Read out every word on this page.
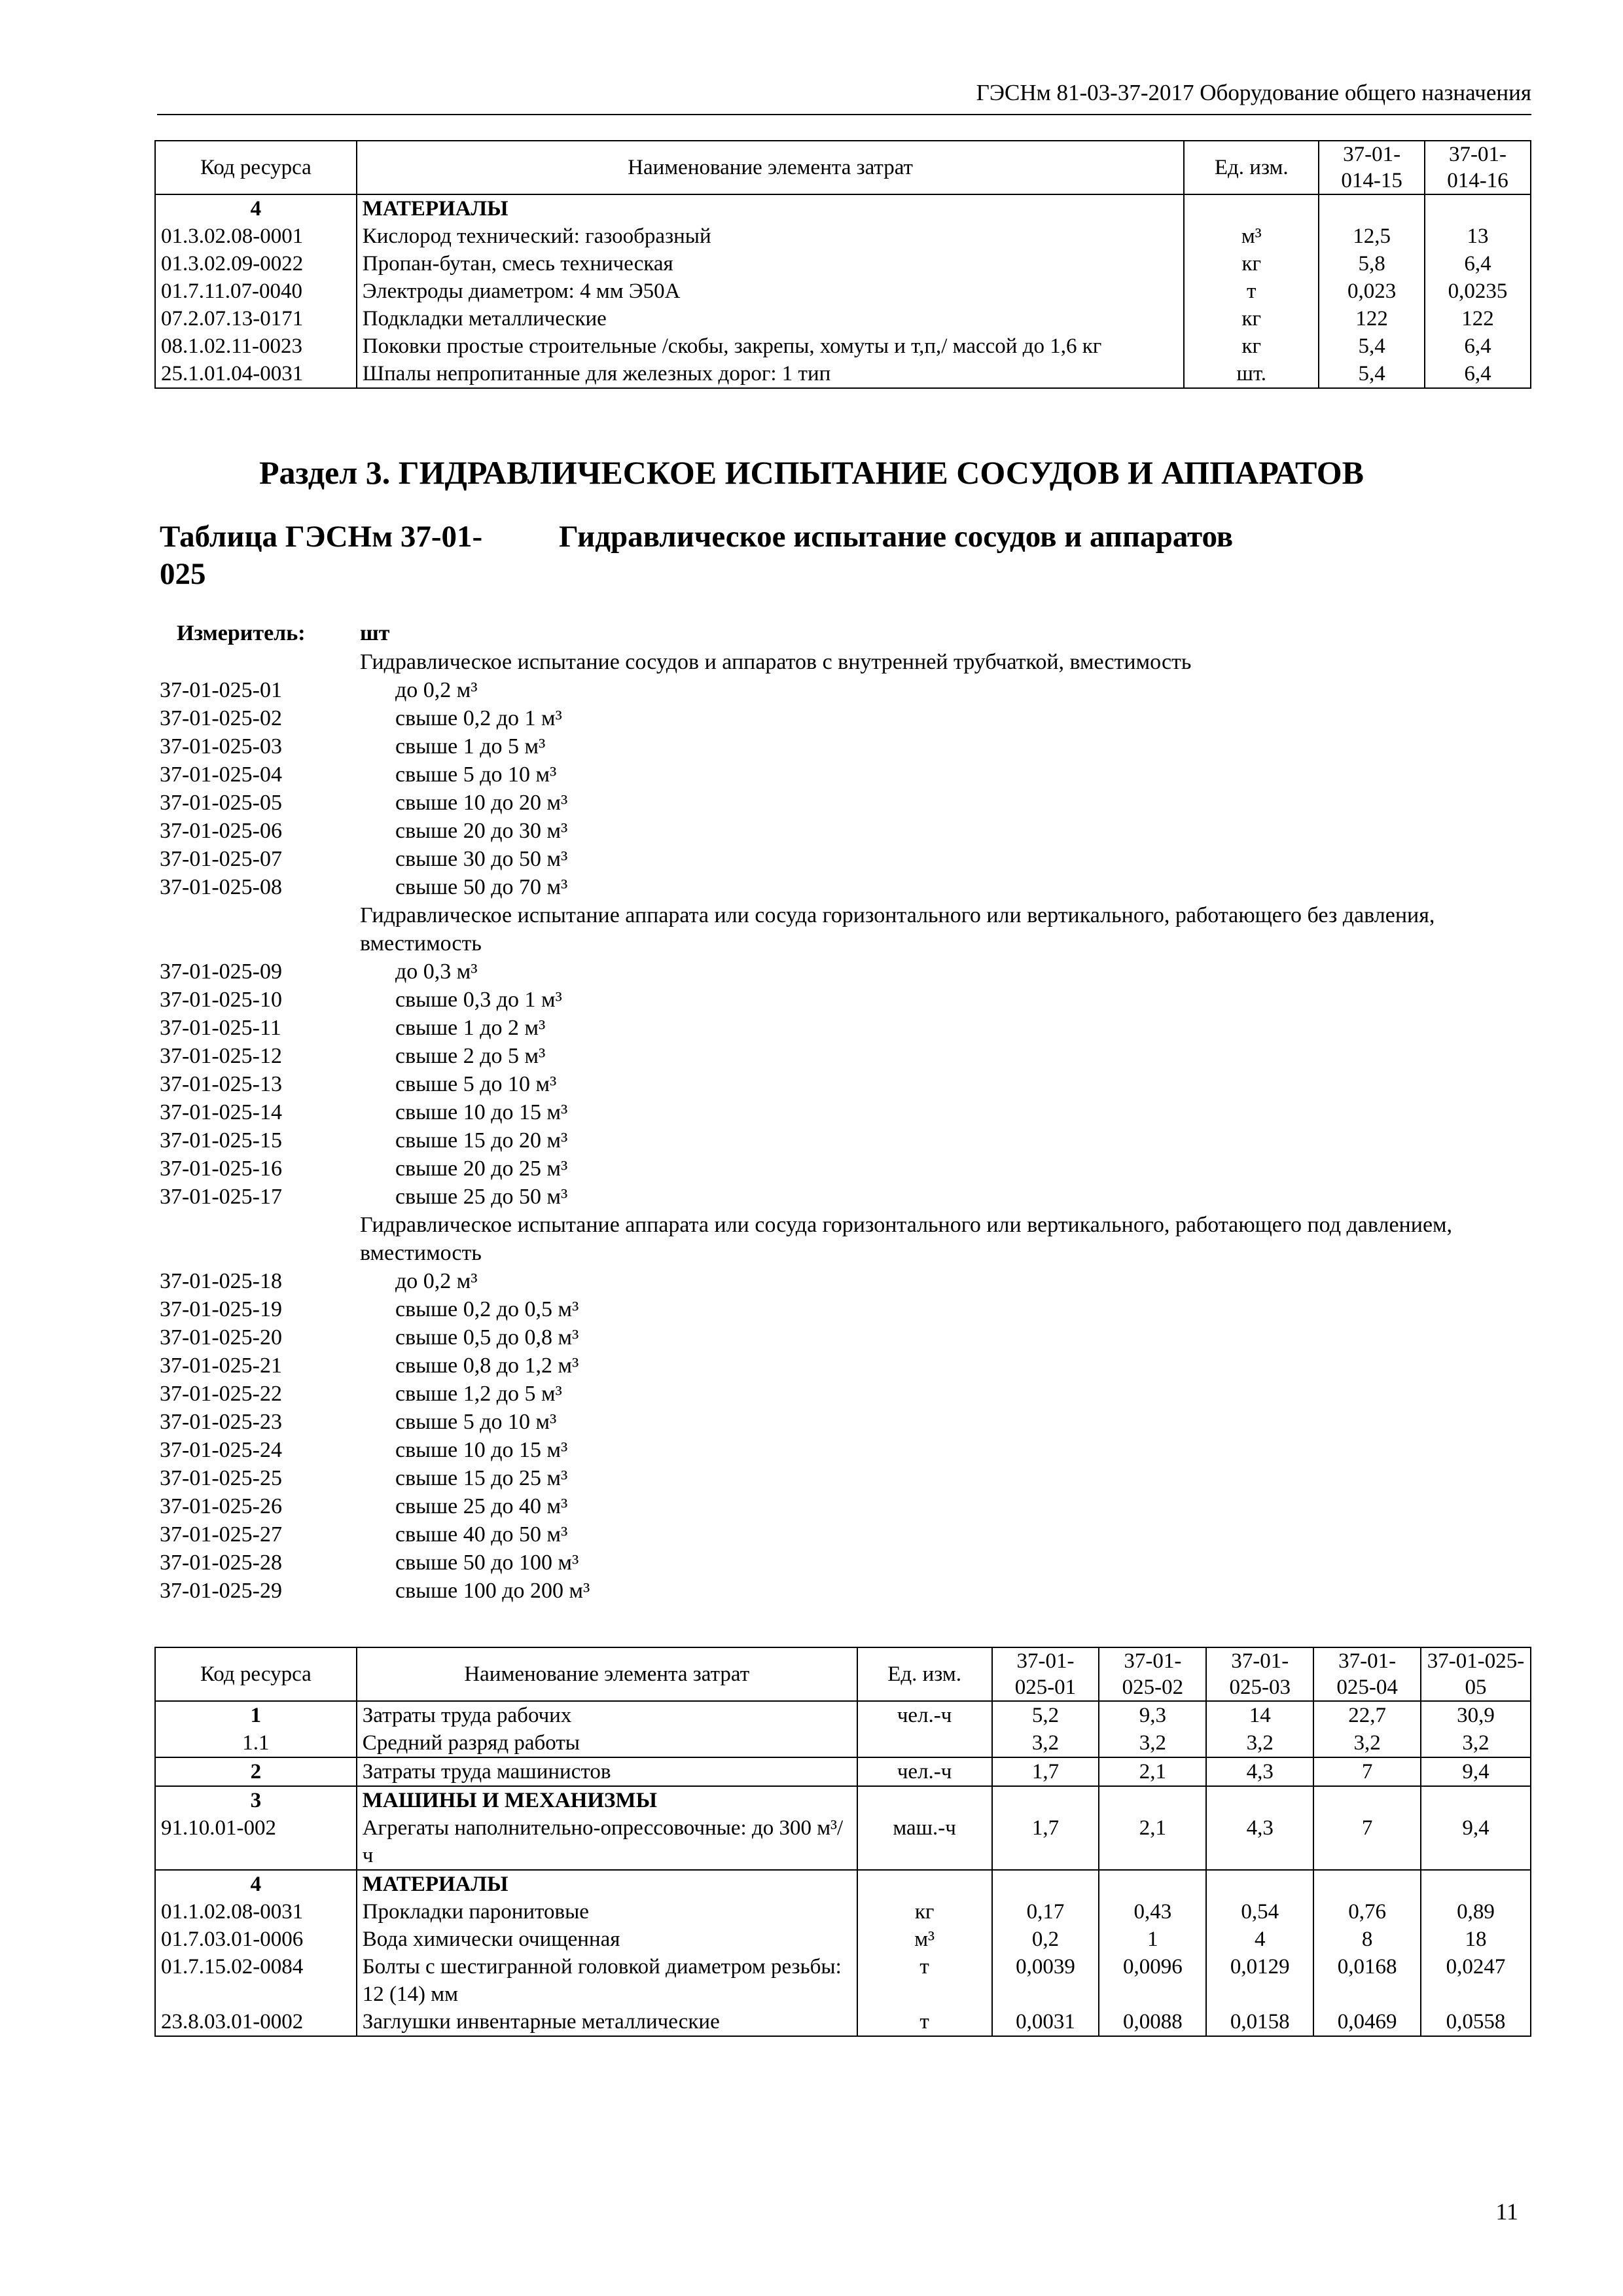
ГЭСНм 81-03-37-2017 Оборудование общего назначения
Код ресурса	Наименование элемента затрат	Ед. изм.	37-01-014-15	37-01-014-16
4	МАТЕРИАЛЫ			
01.3.02.08-0001	Кислород технический: газообразный	м³	12,5	13
01.3.02.09-0022	Пропан-бутан, смесь техническая	кг	5,8	6,4
01.7.11.07-0040	Электроды диаметром: 4 мм Э50А	т	0,023	0,0235
07.2.07.13-0171	Подкладки металлические	кг	122	122
08.1.02.11-0023	Поковки простые строительные /скобы, закрепы, хомуты и т,п,/ массой до 1,6 кг	кг	5,4	6,4
25.1.01.04-0031	Шпалы непропитанные для железных дорог: 1 тип	шт.	5,4	6,4
Раздел 3. ГИДРАВЛИЧЕСКОЕ ИСПЫТАНИЕ СОСУДОВ И АППАРАТОВ
Таблица ГЭСНм 37-01-025
Гидравлическое испытание сосудов и аппаратов
Измеритель: шт
Гидравлическое испытание сосудов и аппаратов с внутренней трубчаткой, вместимость
37-01-025-01	до 0,2 м³
37-01-025-02	свыше 0,2 до 1 м³
37-01-025-03	свыше 1 до 5 м³
37-01-025-04	свыше 5 до 10 м³
37-01-025-05	свыше 10 до 20 м³
37-01-025-06	свыше 20 до 30 м³
37-01-025-07	свыше 30 до 50 м³
37-01-025-08	свыше 50 до 70 м³
Гидравлическое испытание аппарата или сосуда горизонтального или вертикального, работающего без давления, вместимость
37-01-025-09	до 0,3 м³
37-01-025-10	свыше 0,3 до 1 м³
37-01-025-11	свыше 1 до 2 м³
37-01-025-12	свыше 2 до 5 м³
37-01-025-13	свыше 5 до 10 м³
37-01-025-14	свыше 10 до 15 м³
37-01-025-15	свыше 15 до 20 м³
37-01-025-16	свыше 20 до 25 м³
37-01-025-17	свыше 25 до 50 м³
Гидравлическое испытание аппарата или сосуда горизонтального или вертикального, работающего под давлением, вместимость
37-01-025-18	до 0,2 м³
37-01-025-19	свыше 0,2 до 0,5 м³
37-01-025-20	свыше 0,5 до 0,8 м³
37-01-025-21	свыше 0,8 до 1,2 м³
37-01-025-22	свыше 1,2 до 5 м³
37-01-025-23	свыше 5 до 10 м³
37-01-025-24	свыше 10 до 15 м³
37-01-025-25	свыше 15 до 25 м³
37-01-025-26	свыше 25 до 40 м³
37-01-025-27	свыше 40 до 50 м³
37-01-025-28	свыше 50 до 100 м³
37-01-025-29	свыше 100 до 200 м³
Код ресурса	Наименование элемента затрат	Ед. изм.	37-01-025-01	37-01-025-02	37-01-025-03	37-01-025-04	37-01-025-05
1	Затраты труда рабочих	чел.-ч	5,2	9,3	14	22,7	30,9
1.1	Средний разряд работы		3,2	3,2	3,2	3,2	3,2
2	Затраты труда машинистов	чел.-ч	1,7	2,1	4,3	7	9,4
3	МАШИНЫ И МЕХАНИЗМЫ						
91.10.01-002	Агрегаты наполнительно-опрессовочные: до 300 м³/ч	маш.-ч	1,7	2,1	4,3	7	9,4
4	МАТЕРИАЛЫ						
01.1.02.08-0031	Прокладки паронитовые	кг	0,17	0,43	0,54	0,76	0,89
01.7.03.01-0006	Вода химически очищенная	м³	0,2	1	4	8	18
01.7.15.02-0084	Болты с шестигранной головкой диаметром резьбы: 12 (14) мм	т	0,0039	0,0096	0,0129	0,0168	0,0247
23.8.03.01-0002	Заглушки инвентарные металлические	т	0,0031	0,0088	0,0158	0,0469	0,0558
11
